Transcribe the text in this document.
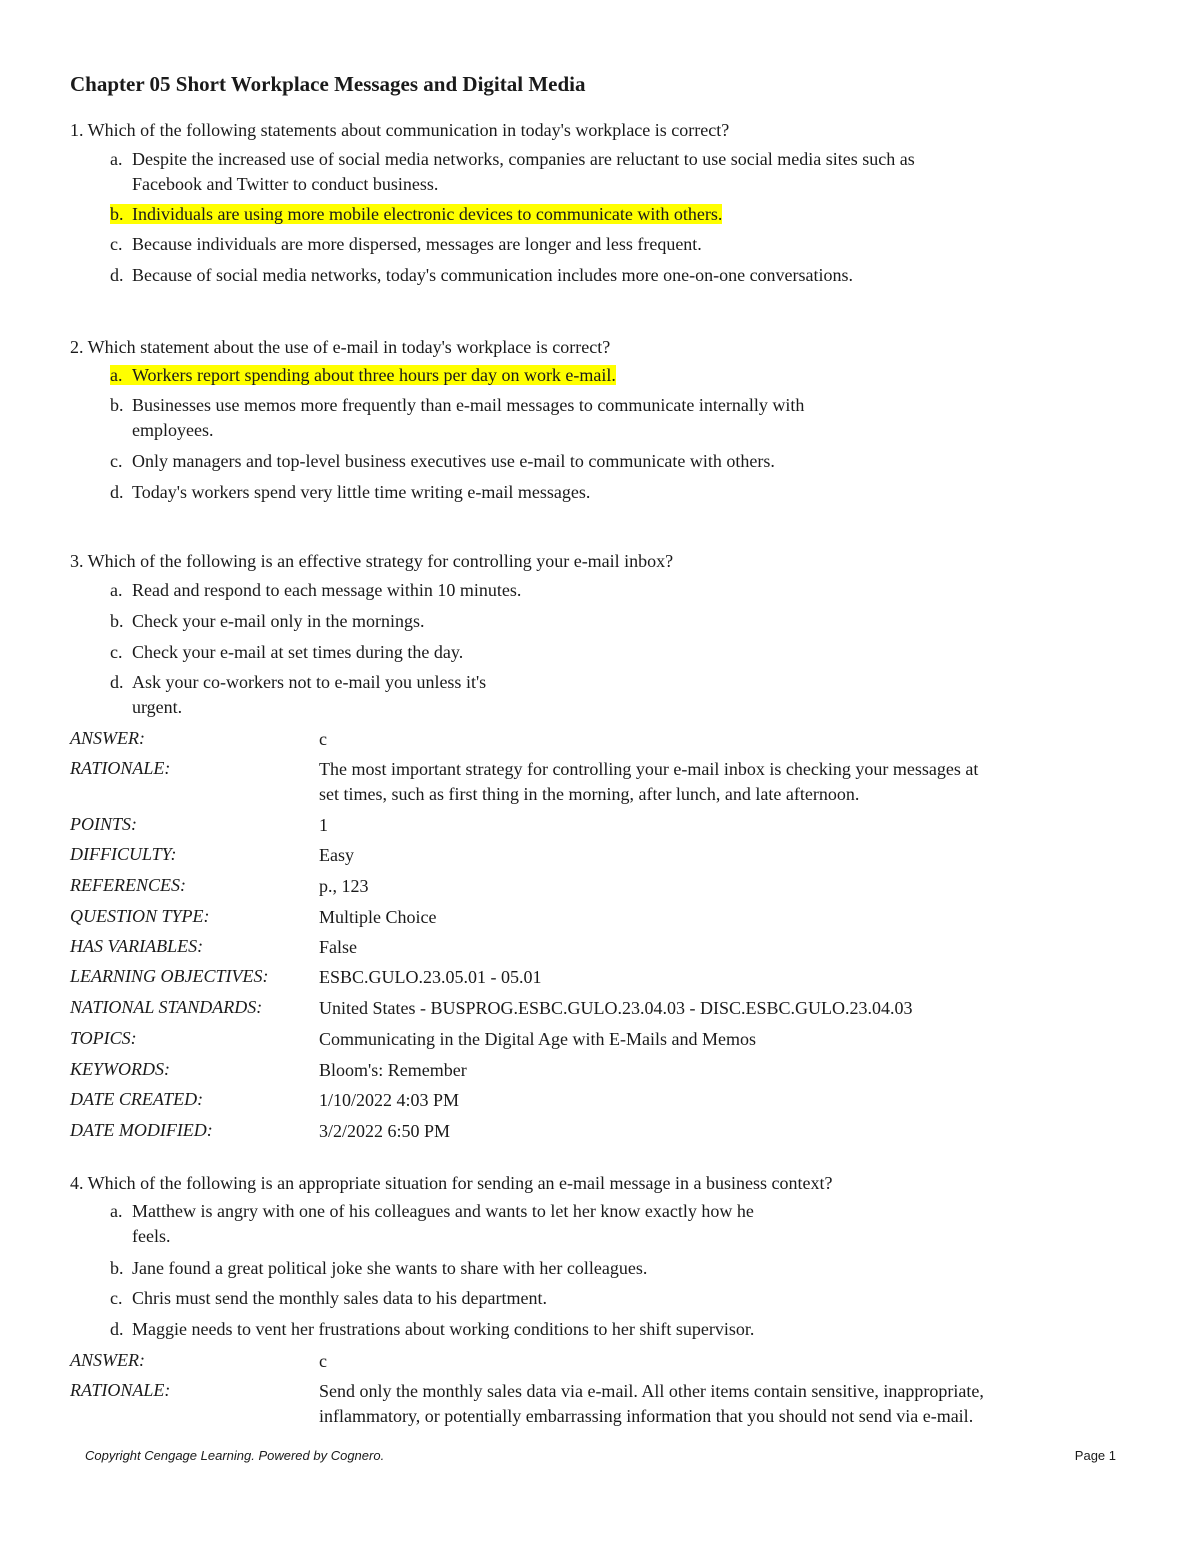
Chapter 05 Short Workplace Messages and Digital Media
1. Which of the following statements about communication in today's workplace is correct?
a. Despite the increased use of social media networks, companies are reluctant to use social media sites such as
Facebook and Twitter to conduct business.
b. Individuals are using more mobile electronic devices to communicate with others.
c. Because individuals are more dispersed, messages are longer and less frequent.
d. Because of social media networks, today's communication includes more one-on-one conversations.
2. Which statement about the use of e-mail in today's workplace is correct?
a. Workers report spending about three hours per day on work e-mail.
b. Businesses use memos more frequently than e-mail messages to communicate internally with
employees.
c. Only managers and top-level business executives use e-mail to communicate with others.
d. Today's workers spend very little time writing e-mail messages.
3. Which of the following is an effective strategy for controlling your e-mail inbox?
a. Read and respond to each message within 10 minutes.
b. Check your e-mail only in the mornings.
c. Check your e-mail at set times during the day.
d. Ask your co-workers not to e-mail you unless it's
urgent.
ANSWER:	c
RATIONALE:	The most important strategy for controlling your e-mail inbox is checking your messages at
set times, such as first thing in the morning, after lunch, and late afternoon.
POINTS:	1
DIFFICULTY:	Easy
REFERENCES:	p., 123
QUESTION TYPE:	Multiple Choice
HAS VARIABLES:	False
LEARNING OBJECTIVES:	ESBC.GULO.23.05.01 - 05.01
NATIONAL STANDARDS:	United States - BUSPROG.ESBC.GULO.23.04.03 - DISC.ESBC.GULO.23.04.03
TOPICS:	Communicating in the Digital Age with E-Mails and Memos
KEYWORDS:	Bloom's: Remember
DATE CREATED:	1/10/2022 4:03 PM
DATE MODIFIED:	3/2/2022 6:50 PM
4. Which of the following is an appropriate situation for sending an e-mail message in a business context?
a. Matthew is angry with one of his colleagues and wants to let her know exactly how he
feels.
b. Jane found a great political joke she wants to share with her colleagues.
c. Chris must send the monthly sales data to his department.
d. Maggie needs to vent her frustrations about working conditions to her shift supervisor.
ANSWER:	c
RATIONALE:	Send only the monthly sales data via e-mail. All other items contain sensitive, inappropriate,
inflammatory, or potentially embarrassing information that you should not send via e-mail.
Copyright Cengage Learning. Powered by Cognero.	Page 1
